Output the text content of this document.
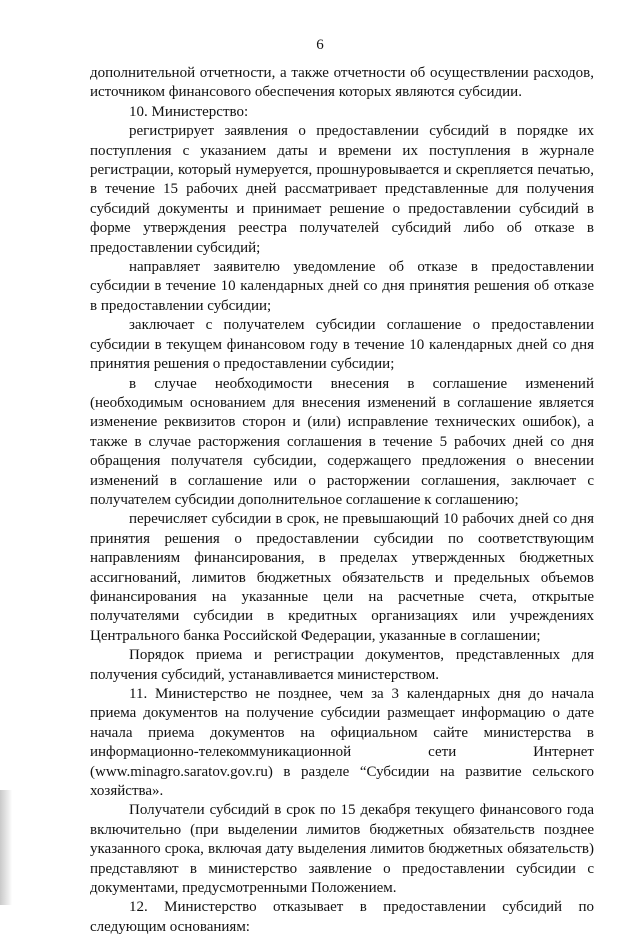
6

дополнительной отчетности, а также отчетности об осуществлении расходов, источником финансового обеспечения которых являются субсидии.

10. Министерство:

регистрирует заявления о предоставлении субсидий в порядке их поступления с указанием даты и времени их поступления в журнале регистрации, который нумеруется, прошнуровывается и скрепляется печатью, в течение 15 рабочих дней рассматривает представленные для получения субсидий документы и принимает решение о предоставлении субсидий в форме утверждения реестра получателей субсидий либо об отказе в предоставлении субсидий;

направляет заявителю уведомление об отказе в предоставлении субсидии в течение 10 календарных дней со дня принятия решения об отказе в предоставлении субсидии;

заключает с получателем субсидии соглашение о предоставлении субсидии в текущем финансовом году в течение 10 календарных дней со дня принятия решения о предоставлении субсидии;

в случае необходимости внесения в соглашение изменений (необходимым основанием для внесения изменений в соглашение является изменение реквизитов сторон и (или) исправление технических ошибок), а также в случае расторжения соглашения в течение 5 рабочих дней со дня обращения получателя субсидии, содержащего предложения о внесении изменений в соглашение или о расторжении соглашения, заключает с получателем субсидии дополнительное соглашение к соглашению;

перечисляет субсидии в срок, не превышающий 10 рабочих дней со дня принятия решения о предоставлении субсидии по соответствующим направлениям финансирования, в пределах утвержденных бюджетных ассигнований, лимитов бюджетных обязательств и предельных объемов финансирования на указанные цели на расчетные счета, открытые получателями субсидии в кредитных организациях или учреждениях Центрального банка Российской Федерации, указанные в соглашении;

Порядок приема и регистрации документов, представленных для получения субсидий, устанавливается министерством.

11. Министерство не позднее, чем за 3 календарных дня до начала приема документов на получение субсидии размещает информацию о дате начала приема документов на официальном сайте министерства в информационно-телекоммуникационной сети Интернет (www.minagro.saratov.gov.ru) в разделе “Субсидии на развитие сельского хозяйства».

Получатели субсидий в срок по 15 декабря текущего финансового года включительно (при выделении лимитов бюджетных обязательств позднее указанного срока, включая дату выделения лимитов бюджетных обязательств) представляют в министерство заявление о предоставлении субсидии с документами, предусмотренными Положением.

12. Министерство отказывает в предоставлении субсидий по следующим основаниям:
